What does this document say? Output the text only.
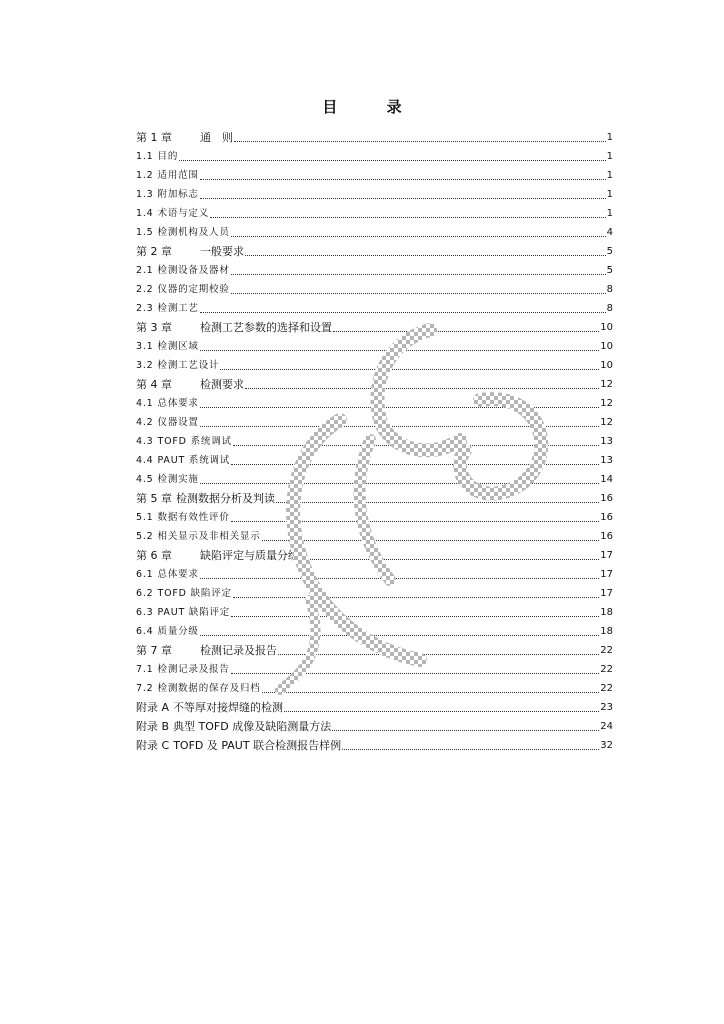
目 录
第 1 章	通　则	1
1.1 目的	1
1.2 适用范围	1
1.3 附加标志	1
1.4 术语与定义	1
1.5 检测机构及人员	4
第 2 章	一般要求	5
2.1 检测设备及器材	5
2.2 仪器的定期校验	8
2.3 检测工艺	8
第 3 章	检测工艺参数的选择和设置	10
3.1 检测区域	10
3.2 检测工艺设计	10
第 4 章	检测要求	12
4.1 总体要求	12
4.2 仪器设置	12
4.3 TOFD 系统调试	13
4.4 PAUT 系统调试	13
4.5 检测实施	14
第 5 章 检测数据分析及判读	16
5.1 数据有效性评价	16
5.2 相关显示及非相关显示	16
第 6 章	缺陷评定与质量分级	17
6.1 总体要求	17
6.2 TOFD 缺陷评定	17
6.3 PAUT 缺陷评定	18
6.4 质量分级	18
第 7 章	检测记录及报告	22
7.1 检测记录及报告	22
7.2 检测数据的保存及归档	22
附录 A 不等厚对接焊缝的检测	23
附录 B 典型 TOFD 成像及缺陷测量方法	24
附录 C TOFD 及 PAUT 联合检测报告样例	32
